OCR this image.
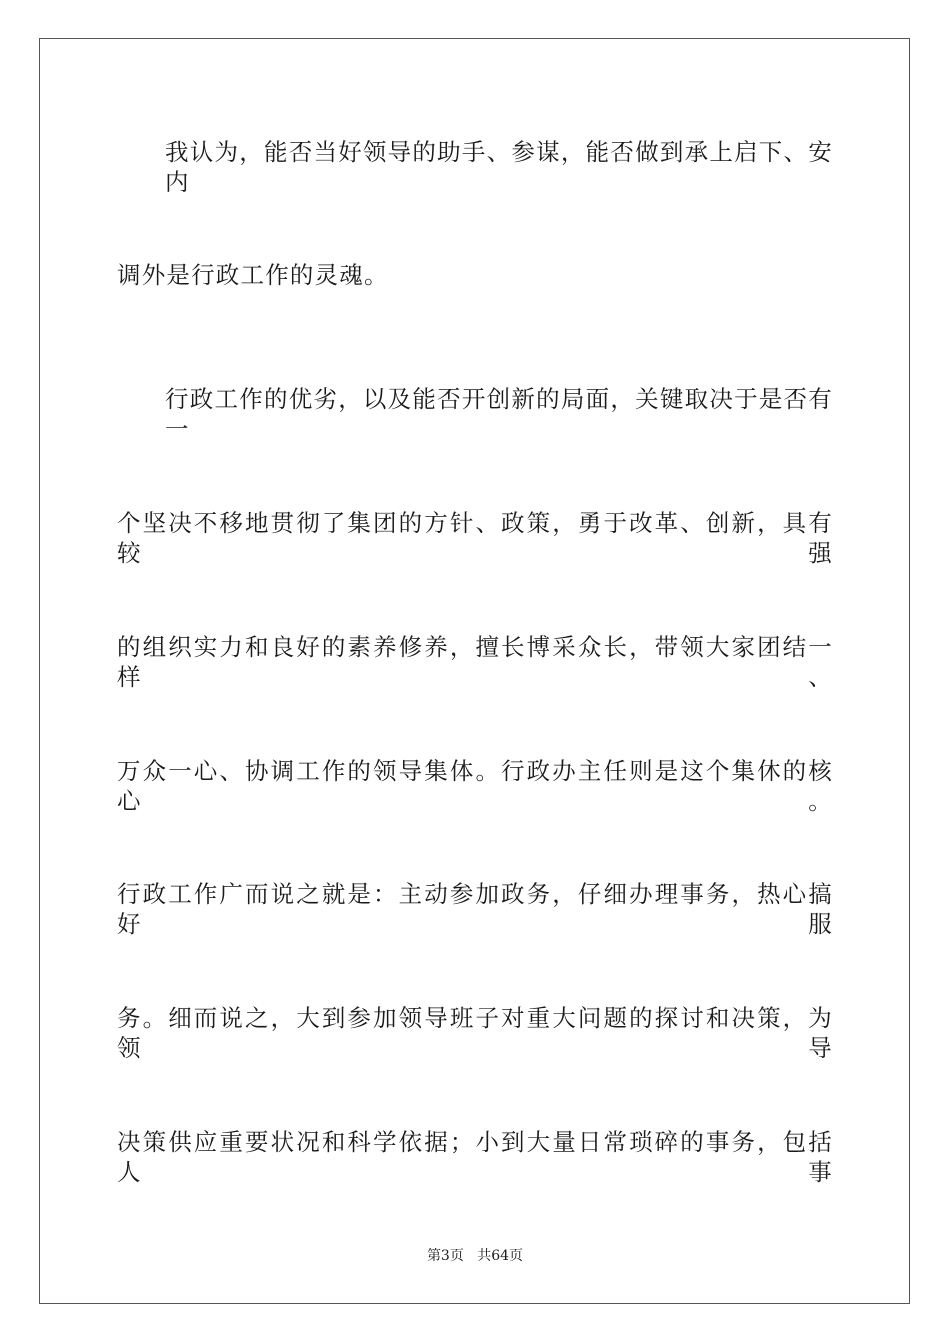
我认为，能否当好领导的助手、参谋，能否做到承上启下、安内
调外是行政工作的灵魂。
行政工作的优劣，以及能否开创新的局面，关键取决于是否有一
个坚决不移地贯彻了集团的方针、政策，勇于改革、创新，具有较强
的组织实力和良好的素养修养，擅长博采众长，带领大家团结一样、
万众一心、协调工作的领导集体。行政办主任则是这个集休的核心。
行政工作广而说之就是：主动参加政务，仔细办理事务，热心搞好服
务。细而说之，大到参加领导班子对重大问题的探讨和决策，为领导
决策供应重要状况和科学依据；小到大量日常琐碎的事务，包括人事
第3页 共64页
